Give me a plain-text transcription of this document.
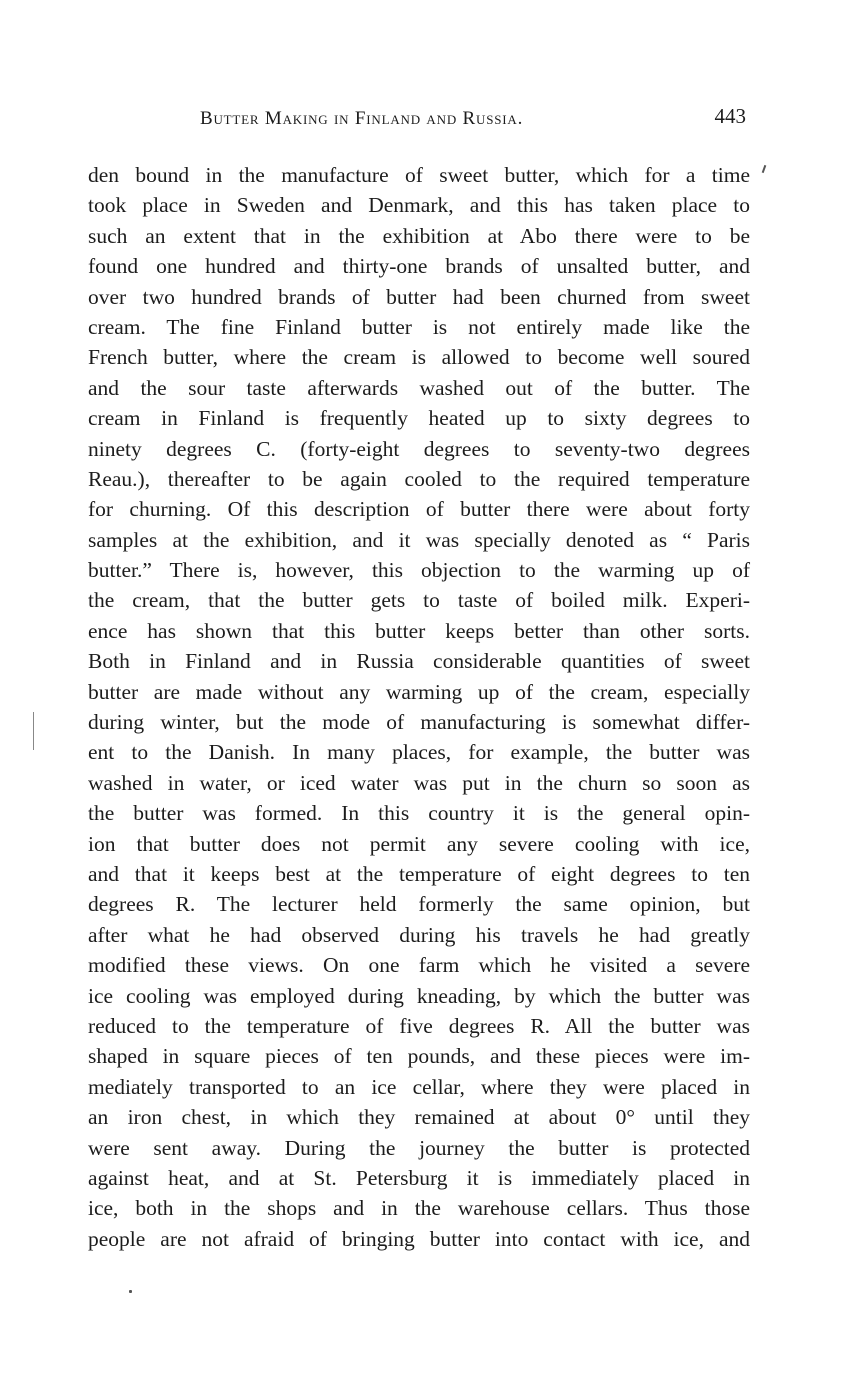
Butter Making in Finland and Russia.	443
den bound in the manufacture of sweet butter, which for a time
took place in Sweden and Denmark, and this has taken place to
such an extent that in the exhibition at Abo there were to be
found one hundred and thirty-one brands of unsalted butter, and
over two hundred brands of butter had been churned from sweet
cream. The fine Finland butter is not entirely made like the
French butter, where the cream is allowed to become well soured
and the sour taste afterwards washed out of the butter. The
cream in Finland is frequently heated up to sixty degrees to
ninety degrees C. (forty-eight degrees to seventy-two degrees
Reau.), thereafter to be again cooled to the required temperature
for churning. Of this description of butter there were about forty
samples at the exhibition, and it was specially denoted as “ Paris
butter.” There is, however, this objection to the warming up of
the cream, that the butter gets to taste of boiled milk. Experi-
ence has shown that this butter keeps better than other sorts.
Both in Finland and in Russia considerable quantities of sweet
butter are made without any warming up of the cream, especially
during winter, but the mode of manufacturing is somewhat differ-
ent to the Danish. In many places, for example, the butter was
washed in water, or iced water was put in the churn so soon as
the butter was formed. In this country it is the general opin-
ion that butter does not permit any severe cooling with ice,
and that it keeps best at the temperature of eight degrees to ten
degrees R. The lecturer held formerly the same opinion, but
after what he had observed during his travels he had greatly
modified these views. On one farm which he visited a severe
ice cooling was employed during kneading, by which the butter was
reduced to the temperature of five degrees R. All the butter was
shaped in square pieces of ten pounds, and these pieces were im-
mediately transported to an ice cellar, where they were placed in
an iron chest, in which they remained at about 0° until they
were sent away. During the journey the butter is protected
against heat, and at St. Petersburg it is immediately placed in
ice, both in the shops and in the warehouse cellars. Thus those
people are not afraid of bringing butter into contact with ice, and
